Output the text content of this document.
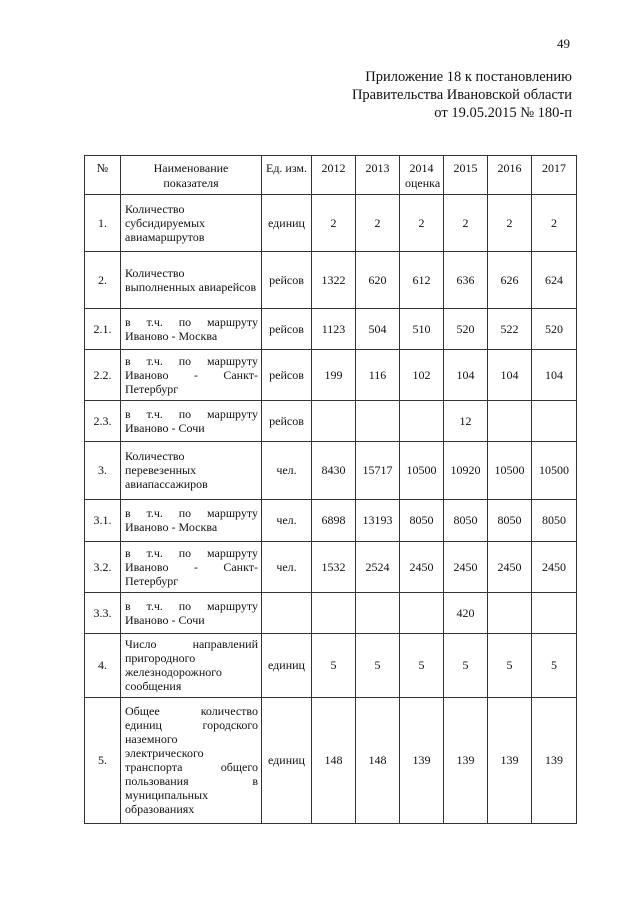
49
Приложение 18 к постановлению
Правительства Ивановской области
от 19.05.2015 № 180-п
№	Наименование показателя	Ед. изм.	2012	2013	2014 оценка	2015	2016	2017
1.	Количество субсидируемых авиамаршрутов	единиц	2	2	2	2	2	2
2.	Количество выполненных авиарейсов	рейсов	1322	620	612	636	626	624
2.1.	в т.ч. по маршруту Иваново - Москва	рейсов	1123	504	510	520	522	520
2.2.	в т.ч. по маршруту Иваново - Санкт-Петербург	рейсов	199	116	102	104	104	104
2.3.	в т.ч. по маршруту Иваново - Сочи	рейсов				12		
3.	Количество перевезенных авиапассажиров	чел.	8430	15717	10500	10920	10500	10500
3.1.	в т.ч. по маршруту Иваново - Москва	чел.	6898	13193	8050	8050	8050	8050
3.2.	в т.ч. по маршруту Иваново - Санкт-Петербург	чел.	1532	2524	2450	2450	2450	2450
3.3.	в т.ч. по маршруту Иваново - Сочи					420		
4.	Число направлений пригородного железнодорожного сообщения	единиц	5	5	5	5	5	5
5.	Общее количество единиц городского наземного электрического транспорта общего пользования в муниципальных образованиях	единиц	148	148	139	139	139	139
